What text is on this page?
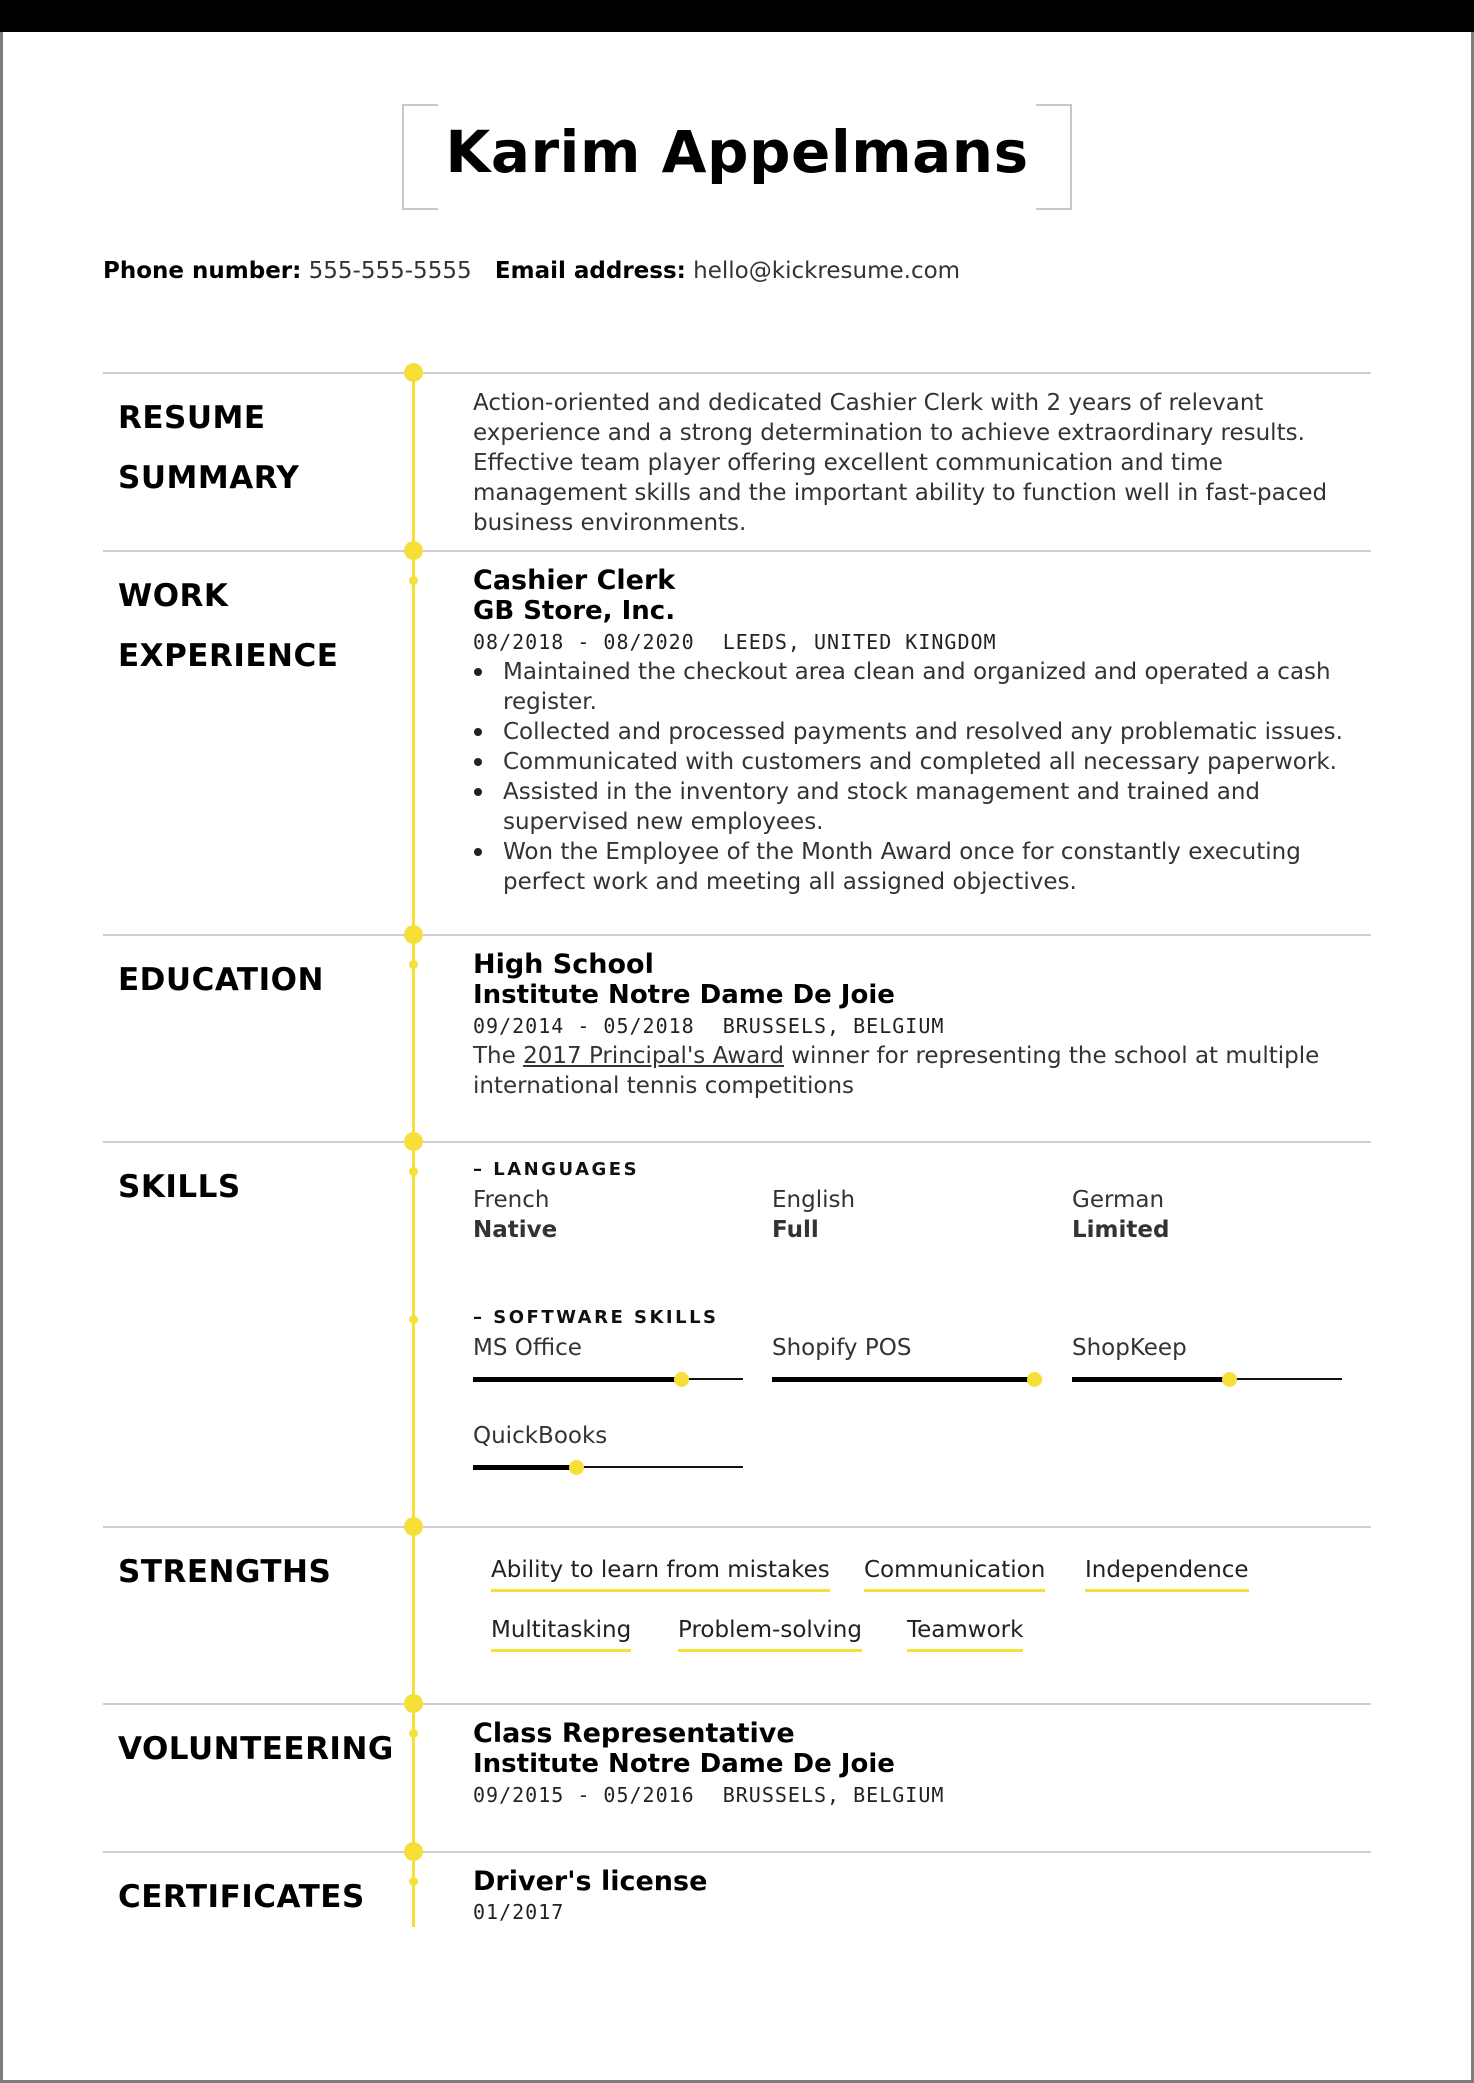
Karim Appelmans
Phone number: 555-555-5555 Email address: hello@kickresume.com
RESUME
SUMMARY

Action-oriented and dedicated Cashier Clerk with 2 years of relevant experience and a strong determination to achieve extraordinary results. Effective team player offering excellent communication and time management skills and the important ability to function well in fast-paced business environments.

WORK
EXPERIENCE
Cashier Clerk
GB Store, Inc.
08/2018 - 08/2020 LEEDS, UNITED KINGDOM
Maintained the checkout area clean and organized and operated a cash register.
Collected and processed payments and resolved any problematic issues.
Communicated with customers and completed all necessary paperwork.
Assisted in the inventory and stock management and trained and supervised new employees.
Won the Employee of the Month Award once for constantly executing perfect work and meeting all assigned objectives.
EDUCATION	High School
Institute Notre Dame De Joie
09/2014 - 05/2018 BRUSSELS, BELGIUM

The 2017 Principal's Award winner for representing the school at multiple international tennis competitions

SKILLS	– LANGUAGES
French
Native
English
Full
German
Limited
– SOFTWARE SKILLS
MS Office	Shopify POS	ShopKeep
QuickBooks
STRENGTHS	Ability to learn from mistakes Communication Independence
Multitasking Problem-solving Teamwork
VOLUNTEERING	Class Representative
Institute Notre Dame De Joie
09/2015 - 05/2016 BRUSSELS, BELGIUM
CERTIFICATES	Driver's license
01/2017
